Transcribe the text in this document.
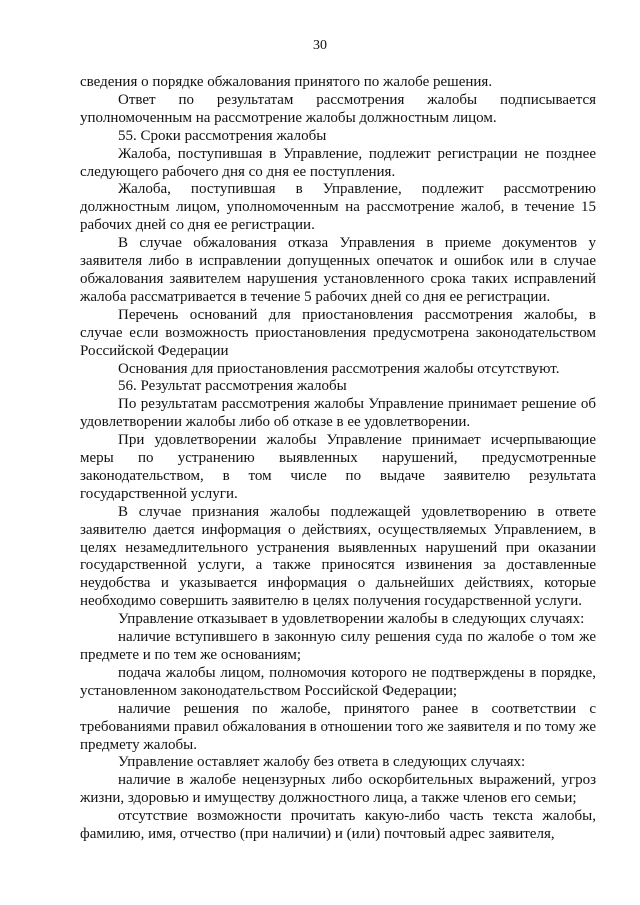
30

сведения о порядке обжалования принятого по жалобе решения.

Ответ по результатам рассмотрения жалобы подписывается уполномоченным на рассмотрение жалобы должностным лицом.

55. Сроки рассмотрения жалобы

Жалоба, поступившая в Управление, подлежит регистрации не позднее следующего рабочего дня со дня ее поступления.

Жалоба, поступившая в Управление, подлежит рассмотрению должностным лицом, уполномоченным на рассмотрение жалоб, в течение 15 рабочих дней со дня ее регистрации.

В случае обжалования отказа Управления в приеме документов у заявителя либо в исправлении допущенных опечаток и ошибок или в случае обжалования заявителем нарушения установленного срока таких исправлений жалоба рассматривается в течение 5 рабочих дней со дня ее регистрации.

Перечень оснований для приостановления рассмотрения жалобы, в случае если возможность приостановления предусмотрена законодательством Российской Федерации

Основания для приостановления рассмотрения жалобы отсутствуют.

56. Результат рассмотрения жалобы

По результатам рассмотрения жалобы Управление принимает решение об удовлетворении жалобы либо об отказе в ее удовлетворении.

При удовлетворении жалобы Управление принимает исчерпывающие меры по устранению выявленных нарушений, предусмотренные законодательством, в том числе по выдаче заявителю результата государственной услуги.

В случае признания жалобы подлежащей удовлетворению в ответе заявителю дается информация о действиях, осуществляемых Управлением, в целях незамедлительного устранения выявленных нарушений при оказании государственной услуги, а также приносятся извинения за доставленные неудобства и указывается информация о дальнейших действиях, которые необходимо совершить заявителю в целях получения государственной услуги.

Управление отказывает в удовлетворении жалобы в следующих случаях:

наличие вступившего в законную силу решения суда по жалобе о том же предмете и по тем же основаниям;

подача жалобы лицом, полномочия которого не подтверждены в порядке, установленном законодательством Российской Федерации;

наличие решения по жалобе, принятого ранее в соответствии с требованиями правил обжалования в отношении того же заявителя и по тому же предмету жалобы.

Управление оставляет жалобу без ответа в следующих случаях:

наличие в жалобе нецензурных либо оскорбительных выражений, угроз жизни, здоровью и имуществу должностного лица, а также членов его семьи;

отсутствие возможности прочитать какую-либо часть текста жалобы, фамилию, имя, отчество (при наличии) и (или) почтовый адрес заявителя,
